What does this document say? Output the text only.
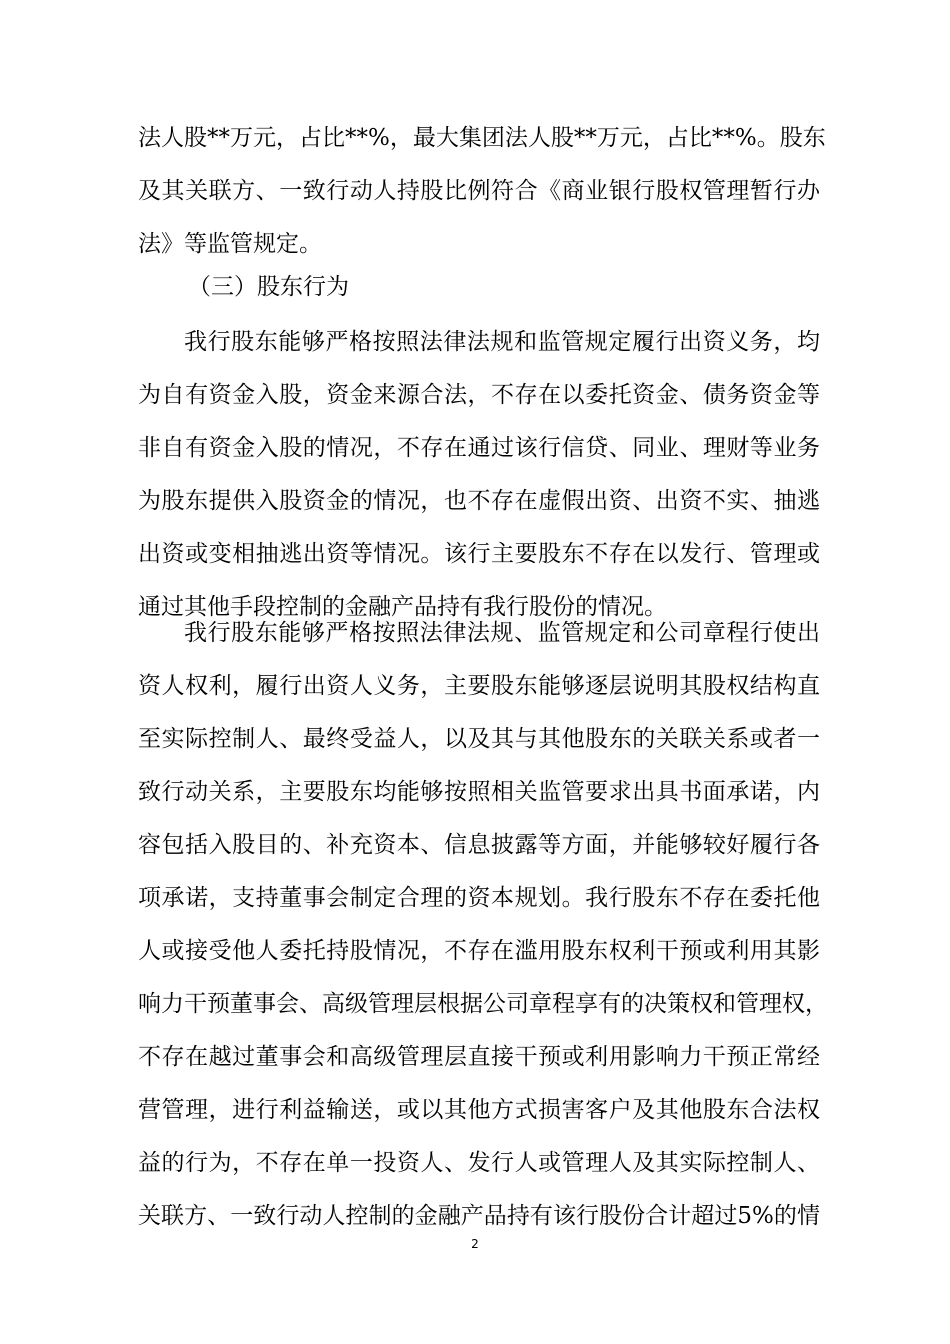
法人股**万元，占比**%，最大集团法人股**万元，占比**%。股东
及其关联方、一致行动人持股比例符合《商业银行股权管理暂行办
法》等监管规定。
（三）股东行为
我行股东能够严格按照法律法规和监管规定履行出资义务，均
为自有资金入股，资金来源合法，不存在以委托资金、债务资金等
非自有资金入股的情况，不存在通过该行信贷、同业、理财等业务
为股东提供入股资金的情况，也不存在虚假出资、出资不实、抽逃
出资或变相抽逃出资等情况。该行主要股东不存在以发行、管理或
通过其他手段控制的金融产品持有我行股份的情况。
我行股东能够严格按照法律法规、监管规定和公司章程行使出
资人权利，履行出资人义务，主要股东能够逐层说明其股权结构直
至实际控制人、最终受益人，以及其与其他股东的关联关系或者一
致行动关系，主要股东均能够按照相关监管要求出具书面承诺，内
容包括入股目的、补充资本、信息披露等方面，并能够较好履行各
项承诺，支持董事会制定合理的资本规划。我行股东不存在委托他
人或接受他人委托持股情况，不存在滥用股东权利干预或利用其影
响力干预董事会、高级管理层根据公司章程享有的决策权和管理权，
不存在越过董事会和高级管理层直接干预或利用影响力干预正常经
营管理，进行利益输送，或以其他方式损害客户及其他股东合法权
益的行为，不存在单一投资人、发行人或管理人及其实际控制人、
关联方、一致行动人控制的金融产品持有该行股份合计超过5%的情
2
